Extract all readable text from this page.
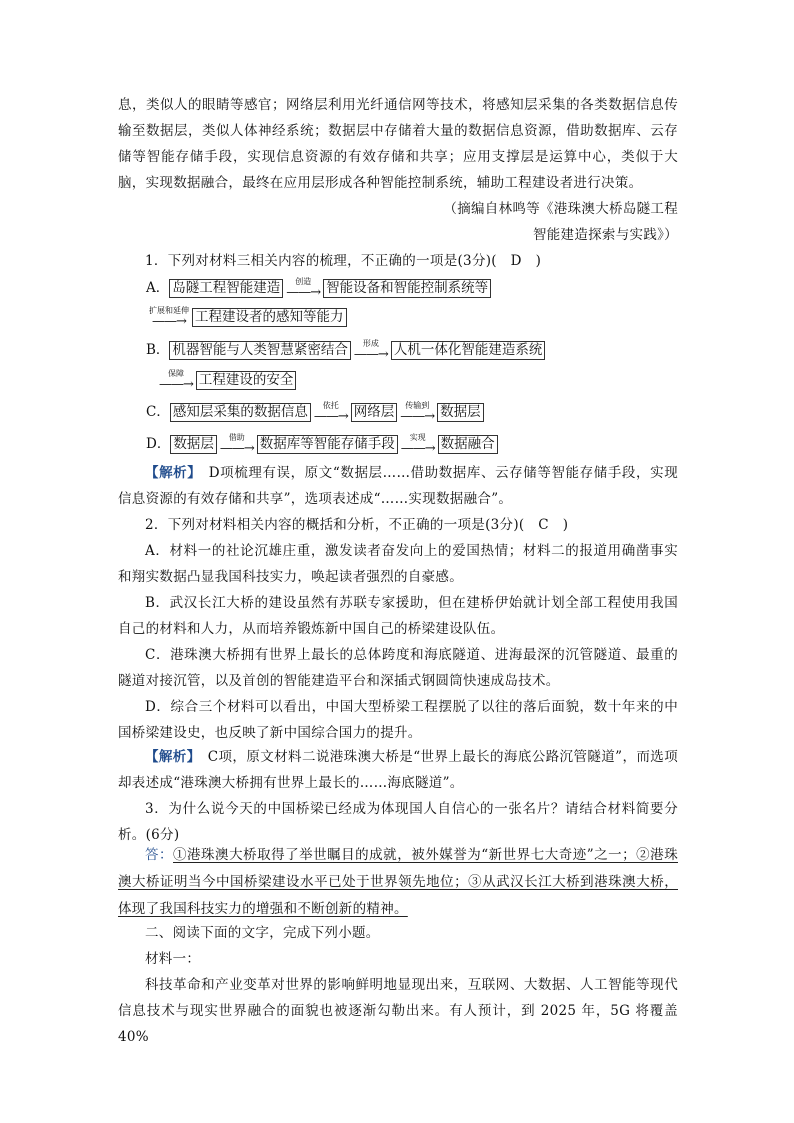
息，类似人的眼睛等感官；网络层利用光纤通信网等技术，将感知层采集的各类数据信息传输至数据层，类似人体神经系统；数据层中存储着大量的数据信息资源，借助数据库、云存储等智能存储手段，实现信息资源的有效存储和共享；应用支撑层是运算中心，类似于大脑，实现数据融合，最终在应用层形成各种智能控制系统，辅助工程建设者进行决策。
（摘编自林鸣等《港珠澳大桥岛隧工程
智能建造探索与实践》）
1．下列对材料三相关内容的梳理，不正确的一项是(3分)(　D　)
A． 岛隧工程智能建造	创造
——→ 智能设备和智能控制系统等
扩展和延伸
——→ 工程建设者的感知等能力
B． 机器智能与人类智慧紧密结合	形成
——→ 人机一体化智能建造系统
保障
——→ 工程建设的安全
C． 感知层采集的数据信息	依托
——→ 网络层	传输到
——→ 数据层
D． 数据层	借助
——→ 数据库等智能存储手段	实现
——→ 数据融合
【解析】　D项梳理有误，原文“数据层……借助数据库、云存储等智能存储手段，实现信息资源的有效存储和共享”，选项表述成“……实现数据融合”。
2．下列对材料相关内容的概括和分析，不正确的一项是(3分)(　C　)
A．材料一的社论沉雄庄重，激发读者奋发向上的爱国热情；材料二的报道用确凿事实和翔实数据凸显我国科技实力，唤起读者强烈的自豪感。
B．武汉长江大桥的建设虽然有苏联专家援助，但在建桥伊始就计划全部工程使用我国自己的材料和人力，从而培养锻炼新中国自己的桥梁建设队伍。
C．港珠澳大桥拥有世界上最长的总体跨度和海底隧道、进海最深的沉管隧道、最重的隧道对接沉管，以及首创的智能建造平台和深插式钢圆筒快速成岛技术。
D．综合三个材料可以看出，中国大型桥梁工程摆脱了以往的落后面貌，数十年来的中国桥梁建设史，也反映了新中国综合国力的提升。
【解析】　C项，原文材料二说港珠澳大桥是“世界上最长的海底公路沉管隧道”，而选项却表述成“港珠澳大桥拥有世界上最长的……海底隧道”。
3．为什么说今天的中国桥梁已经成为体现国人自信心的一张名片？请结合材料简要分析。(6分)
答：①港珠澳大桥取得了举世瞩目的成就，被外媒誉为“新世界七大奇迹”之一；②港珠澳大桥证明当今中国桥梁建设水平已处于世界领先地位；③从武汉长江大桥到港珠澳大桥，体现了我国科技实力的增强和不断创新的精神。
二、阅读下面的文字，完成下列小题。
材料一：
科技革命和产业变革对世界的影响鲜明地显现出来，互联网、大数据、人工智能等现代信息技术与现实世界融合的面貌也被逐渐勾勒出来。有人预计，到 2025 年，5G 将覆盖 40%
